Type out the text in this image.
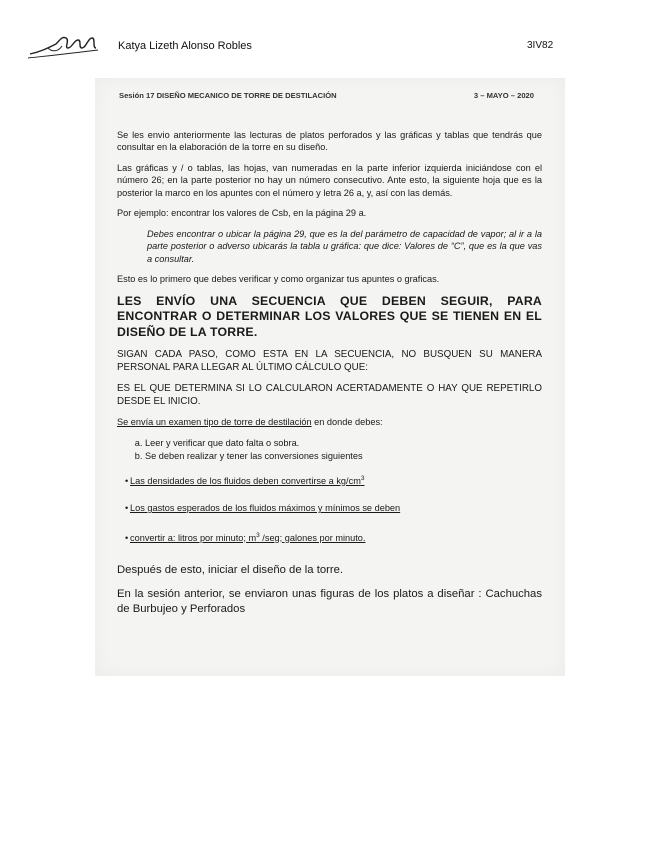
Katya Lizeth Alonso Robles	3IV82
Sesión 17 DISEÑO MECANICO DE TORRE DE DESTILACIÓN	3 – MAYO – 2020

Se les envio anteriormente las lecturas de platos perforados y las gráficas y tablas que tendrás que consultar en la elaboración de la torre en su diseño.

Las gráficas y / o tablas, las hojas, van numeradas en la parte inferior izquierda iniciándose con el número 26; en la parte posterior no hay un número consecutivo. Ante esto, la siguiente hoja que es la posterior la marco en los apuntes con el número y letra 26 a, y, así con las demás.

Por ejemplo: encontrar los valores de Csb, en la página 29 a.

Debes encontrar o ubicar la página 29, que es la del parámetro de capacidad de vapor; al ir a la parte posterior o adverso ubicarás la tabla u gráfica: que dice: Valores de “C”, que es la que vas a consultar.

Esto es lo primero que debes verificar y como organizar tus apuntes o graficas.

LES ENVÍO UNA SECUENCIA QUE DEBEN SEGUIR, PARA ENCONTRAR O DETERMINAR LOS VALORES QUE SE TIENEN EN EL DISEÑO DE LA TORRE.

SIGAN CADA PASO, COMO ESTA EN LA SECUENCIA, NO BUSQUEN SU MANERA PERSONAL PARA LLEGAR AL ÚLTIMO CÁLCULO QUE:

ES EL QUE DETERMINA SI LO CALCULARON ACERTADAMENTE O HAY QUE REPETIRLO DESDE EL INICIO.

Se envía un examen tipo de torre de destilación en donde debes:

a. Leer y verificar que dato falta o sobra.
b. Se deben realizar y tener las conversiones siguientes
• Las densidades de los fluidos deben convertirse a $kg/cm^3$
• Los gastos esperados de los fluidos máximos y mínimos se deben
• convertir a: litros por minuto; $m^3$ /seg; galones por minuto.

Después de esto, iniciar el diseño de la torre.

En la sesión anterior, se enviaron unas figuras de los platos a diseñar : Cachuchas de Burbujeo y Perforados
